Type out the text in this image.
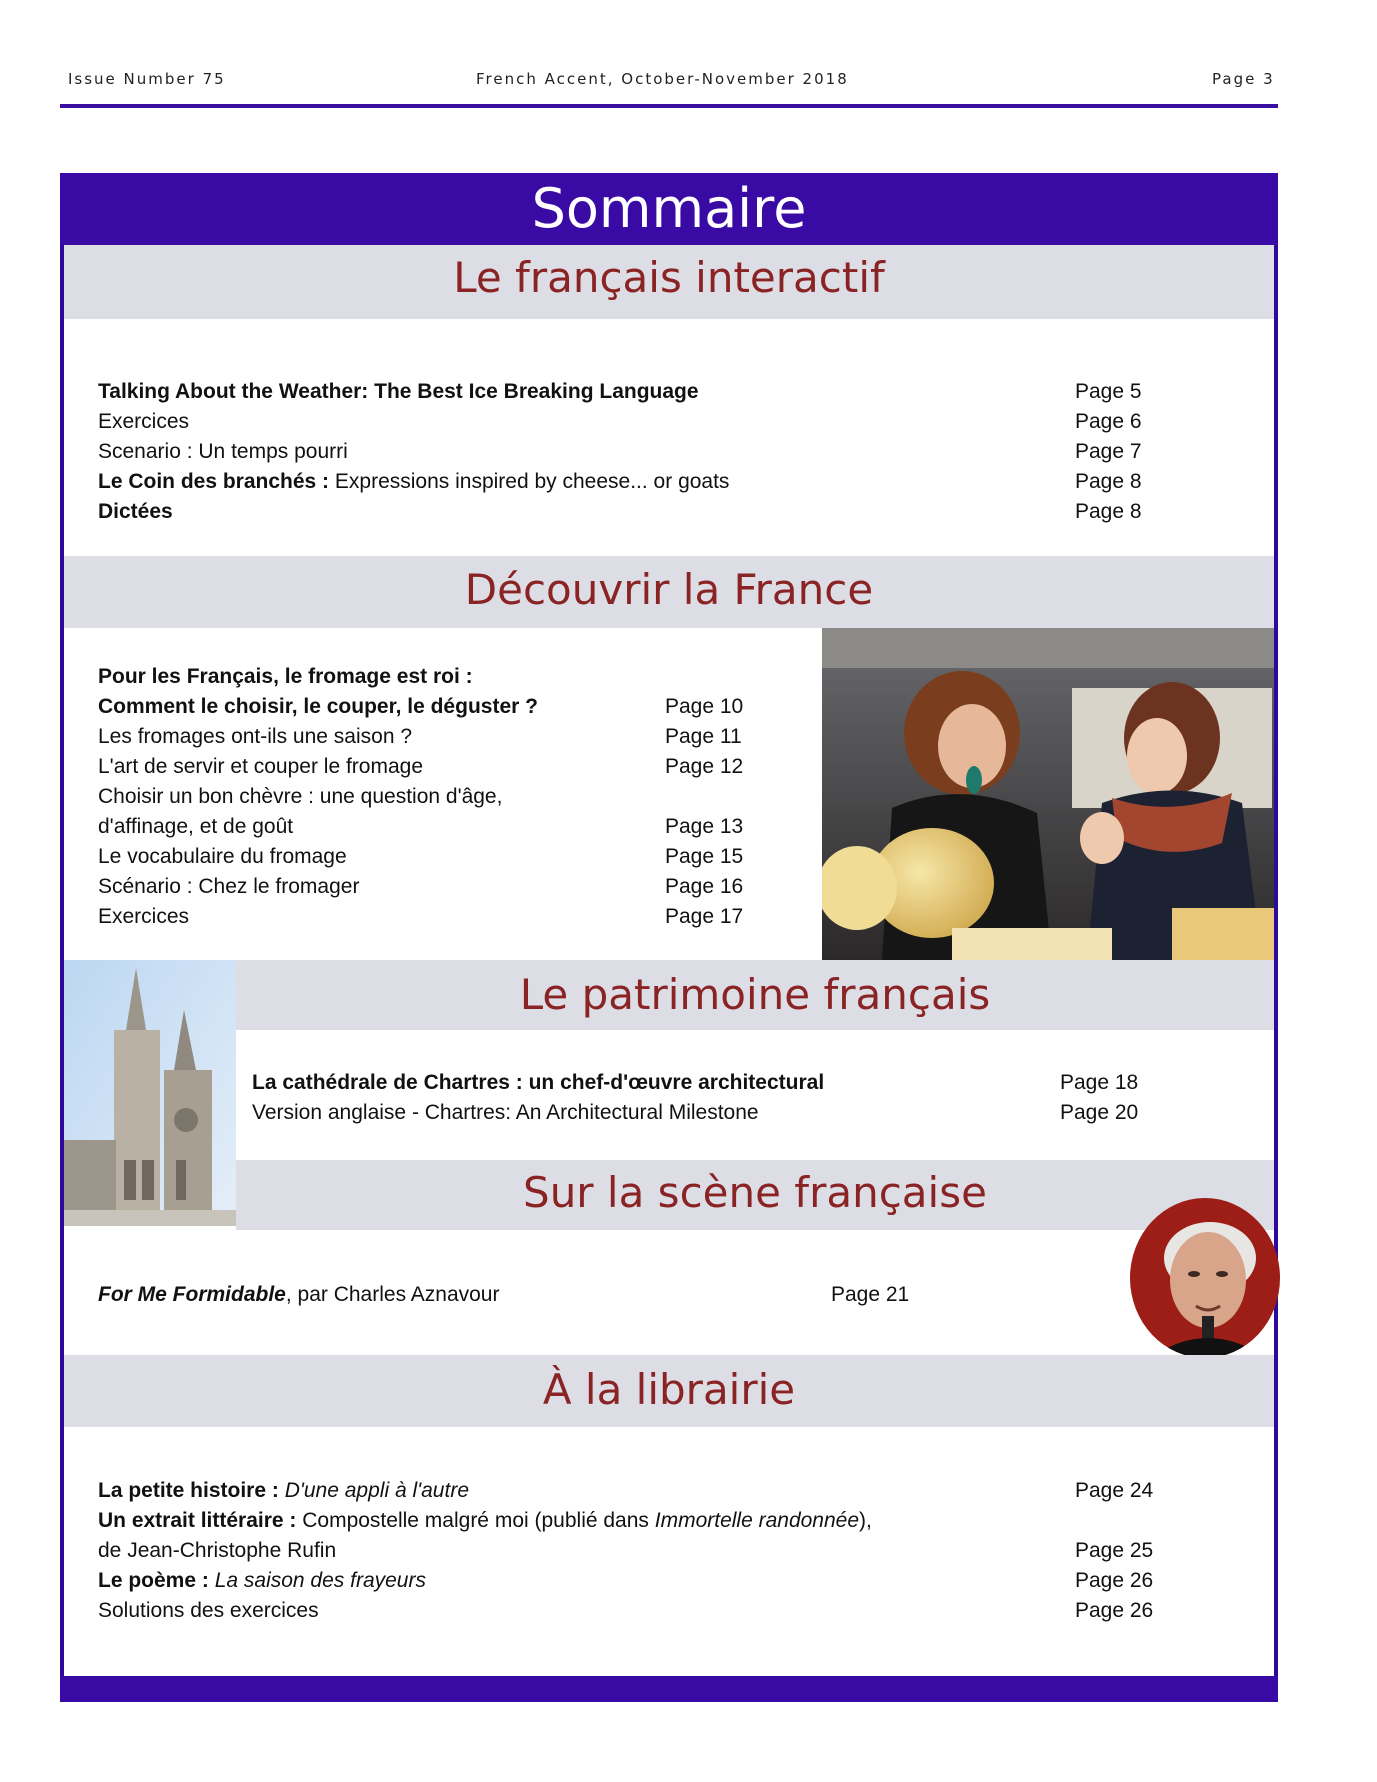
Issue Number 75	French Accent, October-November 2018	Page 3
Sommaire
Le français interactif
Talking About the Weather: The Best Ice Breaking Language	Page 5
Exercices	Page 6
Scenario : Un temps pourri	Page 7
Le Coin des branchés : Expressions inspired by cheese... or goats	Page 8
Dictées	Page 8
Découvrir la France
Pour les Français, le fromage est roi :
Comment le choisir, le couper, le déguster ?	Page 10
Les fromages ont-ils une saison ?	Page 11
L'art de servir et couper le fromage	Page 12
Choisir un bon chèvre : une question d'âge,
d'affinage, et de goût	Page 13
Le vocabulaire du fromage	Page 15
Scénario : Chez le fromager	Page 16
Exercices	Page 17
Le patrimoine français
La cathédrale de Chartres : un chef-d'œuvre architectural	Page 18
Version anglaise - Chartres: An Architectural Milestone	Page 20
Sur la scène française
For Me Formidable, par Charles Aznavour	Page 21
À la librairie
La petite histoire : D'une appli à l'autre	Page 24
Un extrait littéraire : Compostelle malgré moi (publié dans Immortelle randonnée),
de Jean-Christophe Rufin	Page 25
Le poème : La saison des frayeurs	Page 26
Solutions des exercices	Page 26
